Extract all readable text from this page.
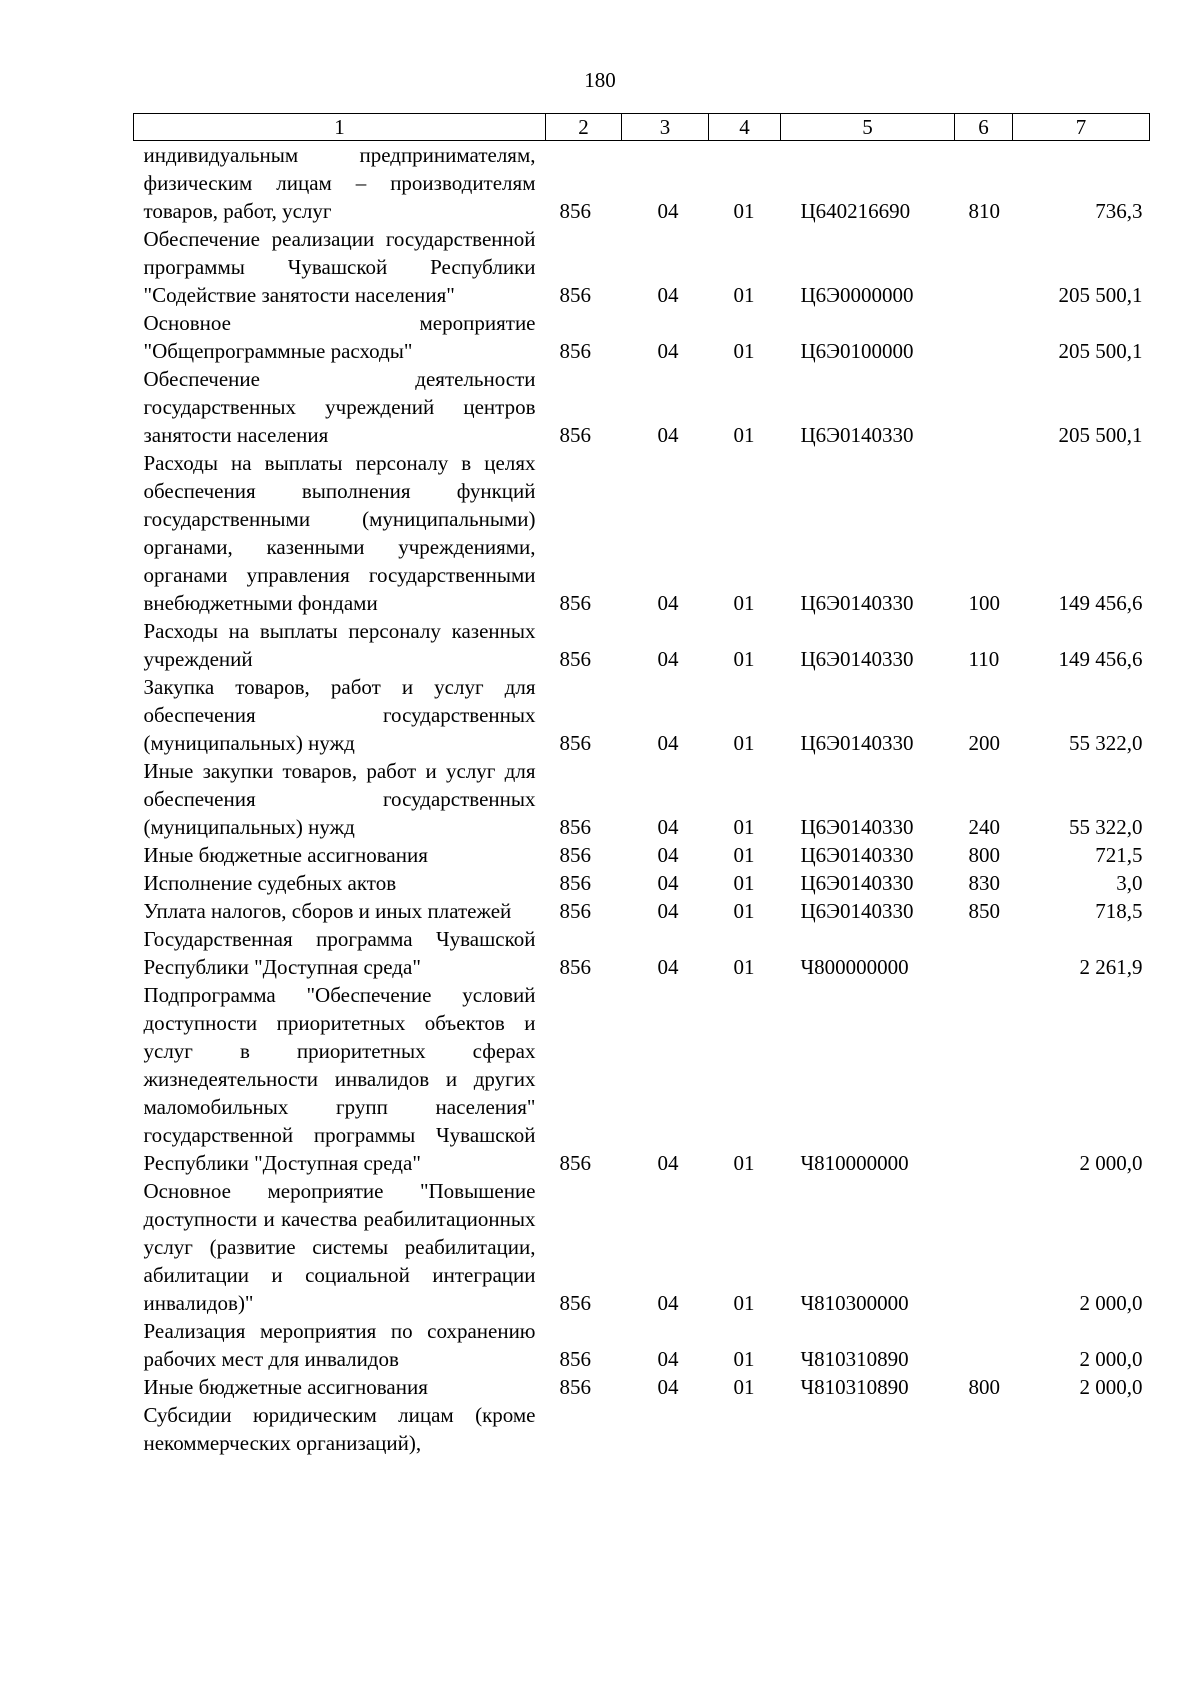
180
1	2	3	4	5	6	7
индивидуальным предпринимателям, физическим лицам – производителям товаров, работ, услуг	856	04	01	Ц640216690	810	736,3
Обеспечение реализации государственной программы Чувашской Республики "Содействие занятости населения"	856	04	01	Ц6Э0000000		205 500,1
Основное мероприятие "Общепрограммные расходы"	856	04	01	Ц6Э0100000		205 500,1
Обеспечение деятельности государственных учреждений центров занятости населения	856	04	01	Ц6Э0140330		205 500,1
Расходы на выплаты персоналу в целях обеспечения выполнения функций государственными (муниципальными) органами, казенными учреждениями, органами управления государственными внебюджетными фондами	856	04	01	Ц6Э0140330	100	149 456,6
Расходы на выплаты персоналу казенных учреждений	856	04	01	Ц6Э0140330	110	149 456,6
Закупка товаров, работ и услуг для обеспечения государственных (муниципальных) нужд	856	04	01	Ц6Э0140330	200	55 322,0
Иные закупки товаров, работ и услуг для обеспечения государственных (муниципальных) нужд	856	04	01	Ц6Э0140330	240	55 322,0
Иные бюджетные ассигнования	856	04	01	Ц6Э0140330	800	721,5
Исполнение судебных актов	856	04	01	Ц6Э0140330	830	3,0
Уплата налогов, сборов и иных платежей	856	04	01	Ц6Э0140330	850	718,5
Государственная программа Чувашской Республики "Доступная среда"	856	04	01	Ч800000000		2 261,9
Подпрограмма "Обеспечение условий доступности приоритетных объектов и услуг в приоритетных сферах жизнедеятельности инвалидов и других маломобильных групп населения" государственной программы Чувашской Республики "Доступная среда"	856	04	01	Ч810000000		2 000,0
Основное мероприятие "Повышение доступности и качества реабилитационных услуг (развитие системы реабилитации, абилитации и социальной интеграции инвалидов)"	856	04	01	Ч810300000		2 000,0
Реализация мероприятия по сохранению рабочих мест для инвалидов	856	04	01	Ч810310890		2 000,0
Иные бюджетные ассигнования	856	04	01	Ч810310890	800	2 000,0
Субсидии юридическим лицам (кроме некоммерческих организаций),						
